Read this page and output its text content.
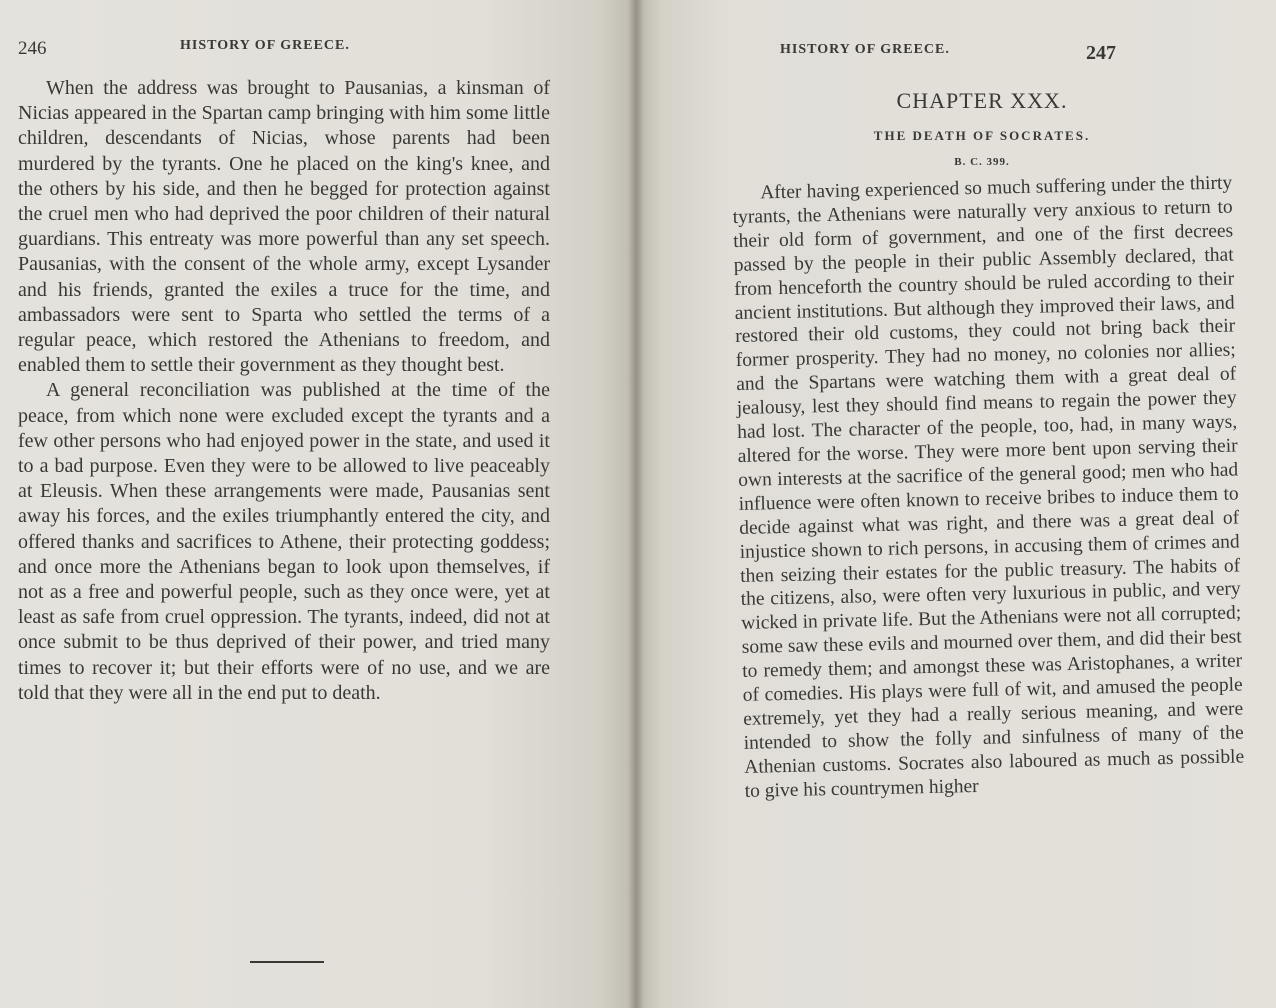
246	HISTORY OF GREECE.

When the address was brought to Pausanias, a kinsman of Nicias appeared in the Spartan camp bringing with him some little children, descendants of Nicias, whose parents had been murdered by the tyrants. One he placed on the king's knee, and the others by his side, and then he begged for protection against the cruel men who had deprived the poor children of their natural guardians. This entreaty was more powerful than any set speech. Pausanias, with the consent of the whole army, except Lysander and his friends, granted the exiles a truce for the time, and ambassadors were sent to Sparta who settled the terms of a regular peace, which restored the Athenians to freedom, and enabled them to settle their government as they thought best.

A general reconciliation was published at the time of the peace, from which none were excluded except the tyrants and a few other persons who had enjoyed power in the state, and used it to a bad purpose. Even they were to be allowed to live peaceably at Eleusis. When these arrangements were made, Pausanias sent away his forces, and the exiles triumphantly entered the city, and offered thanks and sacrifices to Athene, their protecting goddess; and once more the Athenians began to look upon themselves, if not as a free and powerful people, such as they once were, yet at least as safe from cruel oppression. The tyrants, indeed, did not at once submit to be thus deprived of their power, and tried many times to recover it; but their efforts were of no use, and we are told that they were all in the end put to death.

HISTORY OF GREECE.	247
CHAPTER XXX.
THE DEATH OF SOCRATES.
B. C. 399.

After having experienced so much suffering under the thirty tyrants, the Athenians were naturally very anxious to return to their old form of government, and one of the first decrees passed by the people in their public Assembly declared, that from henceforth the country should be ruled according to their ancient institutions. But although they improved their laws, and restored their old customs, they could not bring back their former prosperity. They had no money, no colonies nor allies; and the Spartans were watching them with a great deal of jealousy, lest they should find means to regain the power they had lost. The character of the people, too, had, in many ways, altered for the worse. They were more bent upon serving their own interests at the sacrifice of the general good; men who had influence were often known to receive bribes to induce them to decide against what was right, and there was a great deal of injustice shown to rich persons, in accusing them of crimes and then seizing their estates for the public treasury. The habits of the citizens, also, were often very luxurious in public, and very wicked in private life. But the Athenians were not all corrupted; some saw these evils and mourned over them, and did their best to remedy them; and amongst these was Aristophanes, a writer of comedies. His plays were full of wit, and amused the people extremely, yet they had a really serious meaning, and were intended to show the folly and sinfulness of many of the Athenian customs. Socrates also laboured as much as possible to give his countrymen higher
